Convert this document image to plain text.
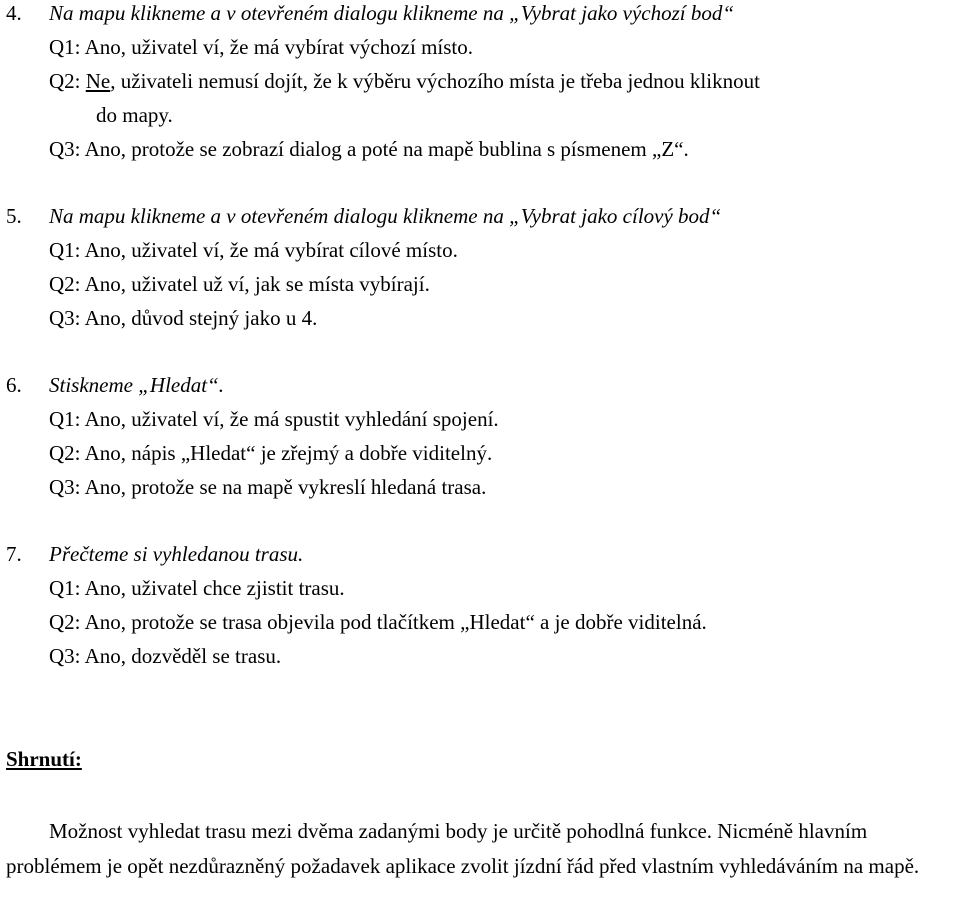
4. Na mapu klikneme a v otevřeném dialogu klikneme na „Vybrat jako výchozí bod“
Q1: Ano, uživatel ví, že má vybírat výchozí místo.
Q2: Ne, uživateli nemusí dojít, že k výběru výchozího místa je třeba jednou kliknout
do mapy.
Q3: Ano, protože se zobrazí dialog a poté na mapě bublina s písmenem „Z“.
5. Na mapu klikneme a v otevřeném dialogu klikneme na „Vybrat jako cílový bod“
Q1: Ano, uživatel ví, že má vybírat cílové místo.
Q2: Ano, uživatel už ví, jak se místa vybírají.
Q3: Ano, důvod stejný jako u 4.
6. Stiskneme „Hledat“.
Q1: Ano, uživatel ví, že má spustit vyhledání spojení.
Q2: Ano, nápis „Hledat“ je zřejmý a dobře viditelný.
Q3: Ano, protože se na mapě vykreslí hledaná trasa.
7. Přečteme si vyhledanou trasu.
Q1: Ano, uživatel chce zjistit trasu.
Q2: Ano, protože se trasa objevila pod tlačítkem „Hledat“ a je dobře viditelná.
Q3: Ano, dozvěděl se trasu.
Shrnutí:
Možnost vyhledat trasu mezi dvěma zadanými body je určitě pohodlná funkce. Nicméně hlavním problémem je opět nezdůrazněný požadavek aplikace zvolit jízdní řád před vlastním vyhledáváním na mapě.
